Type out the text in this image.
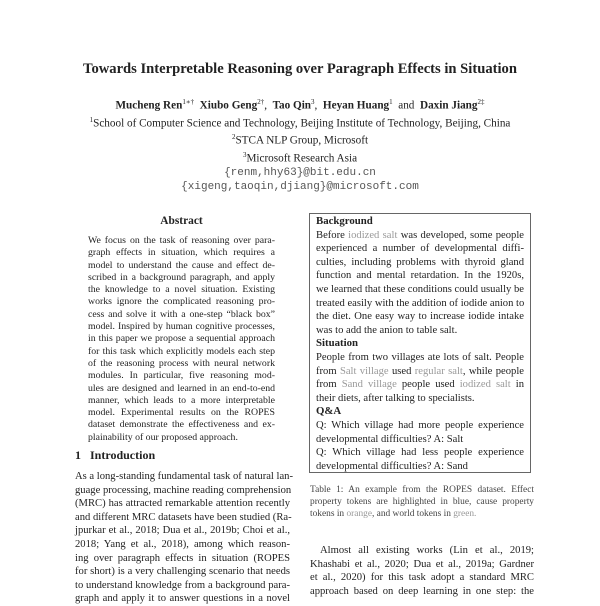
Towards Interpretable Reasoning over Paragraph Effects in Situation
Mucheng Ren$^{1∗\dagger}$ Xiubo Geng$^{2\dagger}$,  Tao Qin$^3$,  Heyan Huang$^1$ and Daxin Jiang$^{2\ddagger}$
$^1$School of Computer Science and Technology, Beijing Institute of Technology, Beijing, China
$^2$STCA NLP Group, Microsoft
$^3$Microsoft Research Asia
{renm,hhy63}@bit.edu.cn
{xigeng,taoqin,djiang}@microsoft.com
Abstract
We focus on the task of reasoning over para-
graph effects in situation, which requires a
model to understand the cause and effect de-
scribed in a background paragraph, and apply
the knowledge to a novel situation. Existing
works ignore the complicated reasoning pro-
cess and solve it with a one-step “black box”
model. Inspired by human cognitive processes,
in this paper we propose a sequential approach
for this task which explicitly models each step
of the reasoning process with neural network
modules. In particular, five reasoning mod-
ules are designed and learned in an end-to-end
manner, which leads to a more interpretable
model. Experimental results on the ROPES
dataset demonstrate the effectiveness and ex-
plainability of our proposed approach.
1 Introduction
As a long-standing fundamental task of natural lan-
guage processing, machine reading comprehension
(MRC) has attracted remarkable attention recently
and different MRC datasets have been studied (Ra-
jpurkar et al., 2018; Dua et al., 2019b; Choi et al.,
2018; Yang et al., 2018), among which reason-
ing over paragraph effects in situation (ROPES
for short) is a very challenging scenario that needs
to understand knowledge from a background para-
graph and apply it to answer questions in a novel
Background
Before iodized salt was developed, some people
experienced a number of developmental diffi-
culties, including problems with thyroid gland
function and mental retardation. In the 1920s,
we learned that these conditions could usually be
treated easily with the addition of iodide anion to
the diet. One easy way to increase iodide intake
was to add the anion to table salt.
Situation
People from two villages ate lots of salt. People
from Salt village used regular salt, while people
from Sand village people used iodized salt in
their diets, after talking to specialists.
Q&A
Q: Which village had more people experience
developmental difficulties? A: Salt
Q: Which village had less people experience
developmental difficulties? A: Sand
Table 1: An example from the ROPES dataset. Effect
property tokens are highlighted in blue, cause property
tokens in orange, and world tokens in green.
Almost all existing works (Lin et al., 2019;
Khashabi et al., 2020; Dua et al., 2019a; Gardner
et al., 2020) for this task adopt a standard MRC
approach based on deep learning in one step: the
